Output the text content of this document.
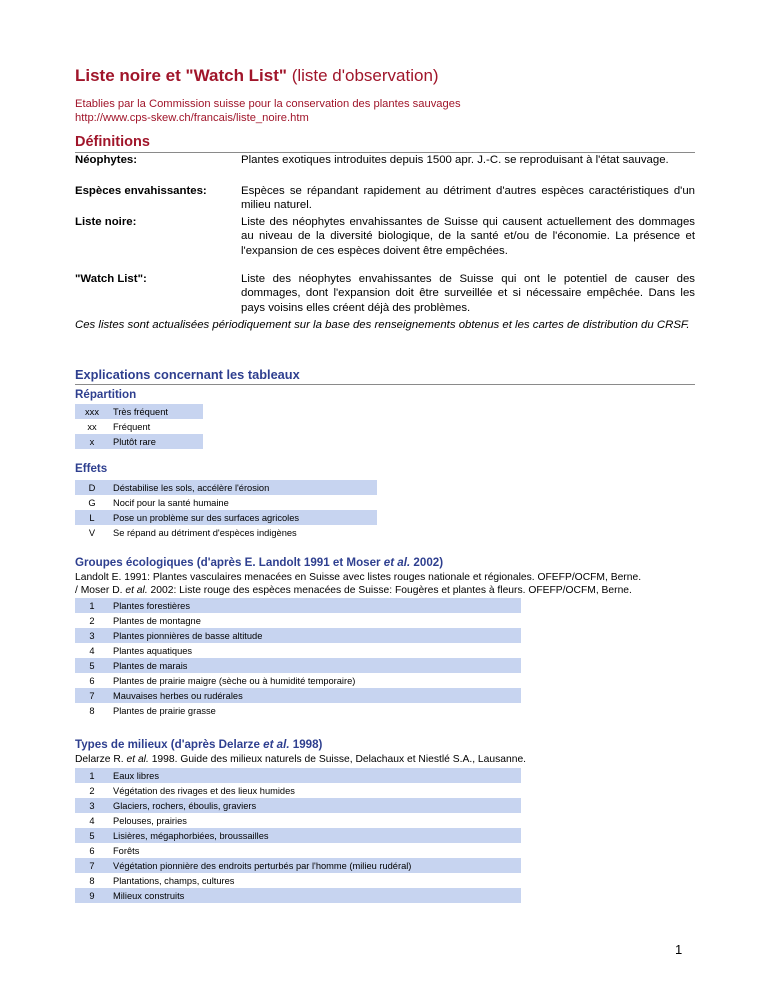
Liste noire et "Watch List" (liste d'observation)
Etablies par la Commission suisse pour la conservation des plantes sauvages
http://www.cps-skew.ch/francais/liste_noire.htm
Définitions
Néophytes:	Plantes exotiques introduites depuis 1500 apr. J.-C. se reproduisant à l'état sauvage.
Espèces envahissantes:	Espèces se répandant rapidement au détriment d'autres espèces caractéristiques d'un milieu naturel.
Liste noire:	Liste des néophytes envahissantes de Suisse qui causent actuellement des dommages au niveau de la diversité biologique, de la santé et/ou de l'économie. La présence et l'expansion de ces espèces doivent être empêchées.
"Watch List":	Liste des néophytes envahissantes de Suisse qui ont le potentiel de causer des dommages, dont l'expansion doit être surveillée et si nécessaire empêchée. Dans les pays voisins elles créent déjà des problèmes.
Ces listes sont actualisées périodiquement sur la base des renseignements obtenus et les cartes de distribution du CRSF.
Explications concernant les tableaux
Répartition
xxx	Très fréquent
xx	Fréquent
x	Plutôt rare
Effets
D	Déstabilise les sols, accélère l'érosion
G	Nocif pour la santé humaine
L	Pose un problème sur des surfaces agricoles
V	Se répand au détriment d'espèces indigènes
Groupes écologiques (d'après E. Landolt 1991 et Moser et al. 2002)
Landolt E. 1991: Plantes vasculaires menacées en Suisse avec listes rouges nationale et régionales. OFEFP/OCFM, Berne.
/ Moser D. et al. 2002: Liste rouge des espèces menacées de Suisse: Fougères et plantes à fleurs. OFEFP/OCFM, Berne.
1	Plantes forestières
2	Plantes de montagne
3	Plantes pionnières de basse altitude
4	Plantes aquatiques
5	Plantes de marais
6	Plantes de prairie maigre (sèche ou à humidité temporaire)
7	Mauvaises herbes ou rudérales
8	Plantes de prairie grasse
Types de milieux (d'après Delarze et al. 1998)
Delarze R. et al. 1998. Guide des milieux naturels de Suisse, Delachaux et Niestlé S.A., Lausanne.
1	Eaux libres
2	Végétation des rivages et des lieux humides
3	Glaciers, rochers, éboulis, graviers
4	Pelouses, prairies
5	Lisières, mégaphorbiées, broussailles
6	Forêts
7	Végétation pionnière des endroits perturbés par l'homme (milieu rudéral)
8	Plantations, champs, cultures
9	Milieux construits
1
